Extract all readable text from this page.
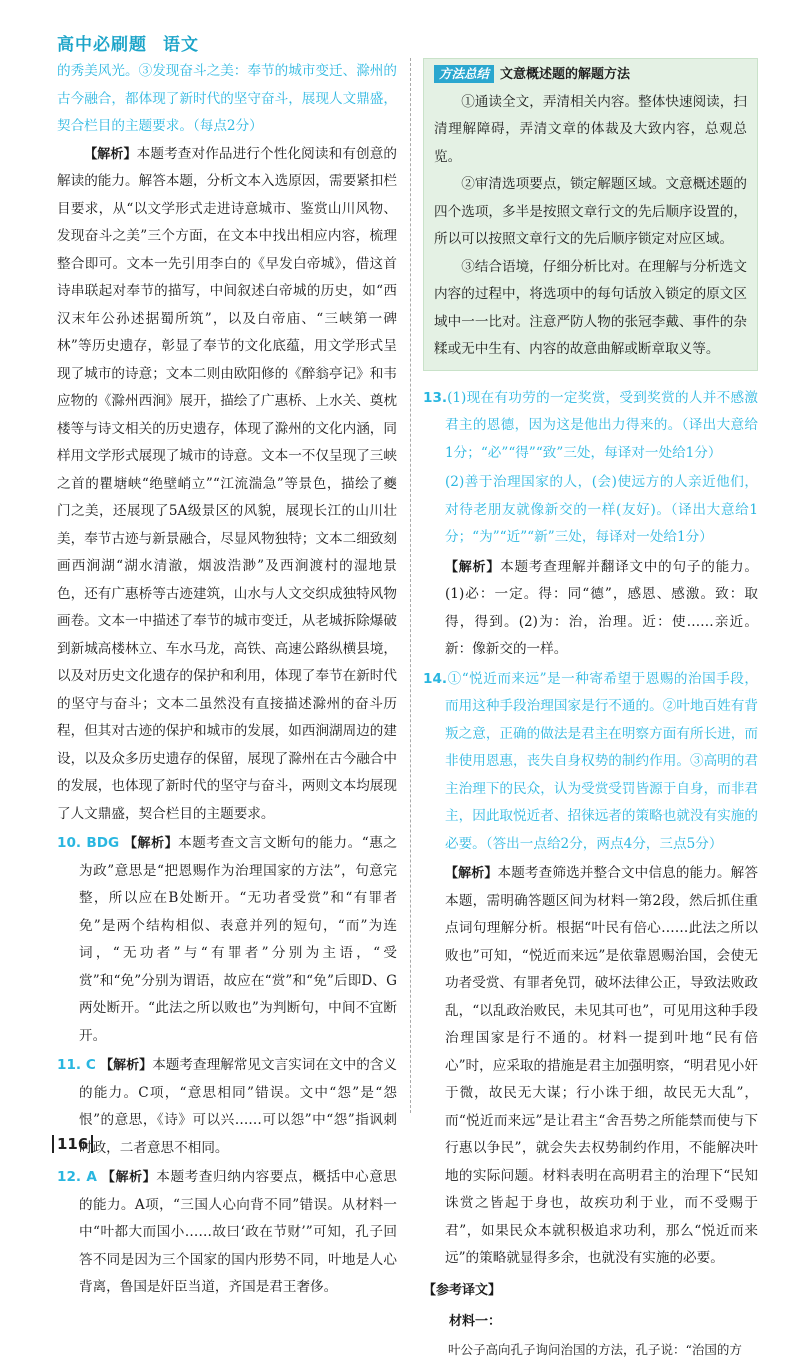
高中必刷题 语文

的秀美风光。③发现奋斗之美：奉节的城市变迁、滁州的古今融合，都体现了新时代的坚守奋斗，展现人文鼎盛，契合栏目的主题要求。（每点2分）

【解析】本题考查对作品进行个性化阅读和有创意的解读的能力。解答本题，分析文本入选原因，需要紧扣栏目要求，从“以文学形式走进诗意城市、鉴赏山川风物、发现奋斗之美”三个方面，在文本中找出相应内容，梳理整合即可。文本一先引用李白的《早发白帝城》，借这首诗串联起对奉节的描写，中间叙述白帝城的历史，如“西汉末年公孙述据蜀所筑”，以及白帝庙、“三峡第一碑林”等历史遗存，彰显了奉节的文化底蕴，用文学形式呈现了城市的诗意；文本二则由欧阳修的《醉翁亭记》和韦应物的《滁州西涧》展开，描绘了广惠桥、上水关、奠枕楼等与诗文相关的历史遗存，体现了滁州的文化内涵，同样用文学形式展现了城市的诗意。文本一不仅呈现了三峡之首的瞿塘峡“绝壁峭立”“江流湍急”等景色，描绘了夔门之美，还展现了5A级景区的风貌，展现长江的山川壮美，奉节古迹与新景融合，尽显风物独特；文本二细致刻画西涧湖“湖水清澈，烟波浩渺”及西涧渡村的湿地景色，还有广惠桥等古迹建筑，山水与人文交织成独特风物画卷。文本一中描述了奉节的城市变迁，从老城拆除爆破到新城高楼林立、车水马龙，高铁、高速公路纵横县境，以及对历史文化遗存的保护和利用，体现了奉节在新时代的坚守与奋斗；文本二虽然没有直接描述滁州的奋斗历程，但其对古迹的保护和城市的发展，如西涧湖周边的建设，以及众多历史遗存的保留，展现了滁州在古今融合中的发展，也体现了新时代的坚守与奋斗，两则文本均展现了人文鼎盛，契合栏目的主题要求。

10. BDG 【解析】本题考查文言文断句的能力。“惠之为政”意思是“把恩赐作为治理国家的方法”，句意完整，所以应在B处断开。“无功者受赏”和“有罪者免”是两个结构相似、表意并列的短句，“而”为连词，“无功者”与“有罪者”分别为主语，“受赏”和“免”分别为谓语，故应在“赏”和“免”后即D、G两处断开。“此法之所以败也”为判断句，中间不宜断开。

11. C 【解析】本题考查理解常见文言实词在文中的含义的能力。C项，“意思相同”错误。文中“怨”是“怨恨”的意思，《诗》可以兴……可以怨”中“怨”指讽刺时政，二者意思不相同。

12. A 【解析】本题考查归纳内容要点，概括中心意思的能力。A项，“三国人心向背不同”错误。从材料一中“叶都大而国小……故曰‘政在节财’”可知，孔子回答不同是因为三个国家的国内形势不同，叶地是人心背离，鲁国是奸臣当道，齐国是君王奢侈。

方法总结 文意概述题的解题方法

①通读全文，弄清相关内容。整体快速阅读，扫清理解障碍，弄清文章的体裁及大致内容，总观总览。

②审清选项要点，锁定解题区域。文意概述题的四个选项，多半是按照文章行文的先后顺序设置的，所以可以按照文章行文的先后顺序锁定对应区域。

③结合语境，仔细分析比对。在理解与分析选文内容的过程中，将选项中的每句话放入锁定的原文区域中一一比对。注意严防人物的张冠李戴、事件的杂糅或无中生有、内容的故意曲解或断章取义等。

13.(1)现在有功劳的一定奖赏，受到奖赏的人并不感激君主的恩德，因为这是他出力得来的。（译出大意给1分；“必”“得”“致”三处，每译对一处给1分）

(2)善于治理国家的人，(会)使远方的人亲近他们，对待老朋友就像新交的一样(友好)。（译出大意给1分；“为”“近”“新”三处，每译对一处给1分）

【解析】本题考查理解并翻译文中的句子的能力。(1)必：一定。得：同“德”，感恩、感激。致：取得，得到。(2)为：治，治理。近：使……亲近。新：像新交的一样。

14.①“悦近而来远”是一种寄希望于恩赐的治国手段，而用这种手段治理国家是行不通的。②叶地百姓有背叛之意，正确的做法是君主在明察方面有所长进，而非使用恩惠，丧失自身权势的制约作用。③高明的君主治理下的民众，认为受赏受罚皆源于自身，而非君主，因此取悦近者、招徕远者的策略也就没有实施的必要。（答出一点给2分，两点4分，三点5分）

【解析】本题考查筛选并整合文中信息的能力。解答本题，需明确答题区间为材料一第2段，然后抓住重点词句理解分析。根据“叶民有倍心……此法之所以败也”可知，“悦近而来远”是依靠恩赐治国，会使无功者受赏、有罪者免罚，破坏法律公正，导致法败政乱，“以乱政治败民，未见其可也”，可见用这种手段治理国家是行不通的。材料一提到叶地“民有倍心”时，应采取的措施是君主加强明察，“明君见小奸于微，故民无大谋；行小诛于细，故民无大乱”，而“悦近而来远”是让君主“舍吾势之所能禁而使与下行惠以争民”，就会失去权势制约作用，不能解决叶地的实际问题。材料表明在高明君主的治理下“民知诛赏之皆起于身也，故疾功利于业，而不受赐于君”，如果民众本就积极追求功利，那么“悦近而来远”的策略就显得多余，也就没有实施的必要。

【参考译文】

材料一：

叶公子高向孔子询问治国的方法，孔子说：“治国的方

116
